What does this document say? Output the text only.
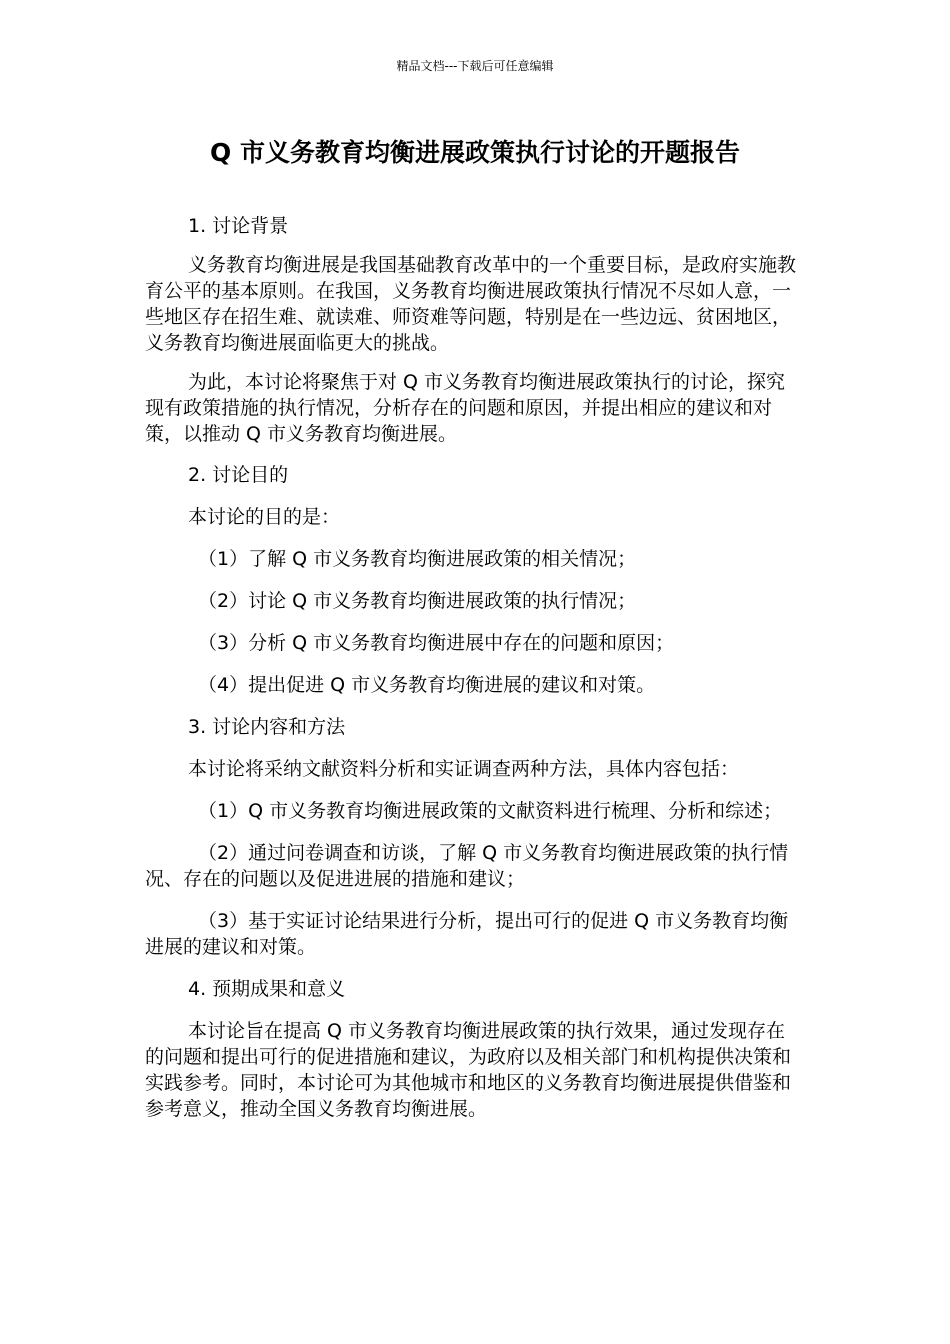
精品文档---下载后可任意编辑
Q 市义务教育均衡进展政策执行讨论的开题报告

1. 讨论背景

义务教育均衡进展是我国基础教育改革中的一个重要目标，是政府实施教育公平的基本原则。在我国，义务教育均衡进展政策执行情况不尽如人意，一些地区存在招生难、就读难、师资难等问题，特别是在一些边远、贫困地区，义务教育均衡进展面临更大的挑战。

为此，本讨论将聚焦于对 Q 市义务教育均衡进展政策执行的讨论，探究现有政策措施的执行情况，分析存在的问题和原因，并提出相应的建议和对策，以推动 Q 市义务教育均衡进展。

2. 讨论目的

本讨论的目的是：

（1）了解 Q 市义务教育均衡进展政策的相关情况；

（2）讨论 Q 市义务教育均衡进展政策的执行情况；

（3）分析 Q 市义务教育均衡进展中存在的问题和原因；

（4）提出促进 Q 市义务教育均衡进展的建议和对策。

3. 讨论内容和方法

本讨论将采纳文献资料分析和实证调查两种方法，具体内容包括：

（1）Q 市义务教育均衡进展政策的文献资料进行梳理、分析和综述；

（2）通过问卷调查和访谈，了解 Q 市义务教育均衡进展政策的执行情况、存在的问题以及促进进展的措施和建议；

（3）基于实证讨论结果进行分析，提出可行的促进 Q 市义务教育均衡进展的建议和对策。

4. 预期成果和意义

本讨论旨在提高 Q 市义务教育均衡进展政策的执行效果，通过发现存在的问题和提出可行的促进措施和建议，为政府以及相关部门和机构提供决策和实践参考。同时，本讨论可为其他城市和地区的义务教育均衡进展提供借鉴和参考意义，推动全国义务教育均衡进展。
